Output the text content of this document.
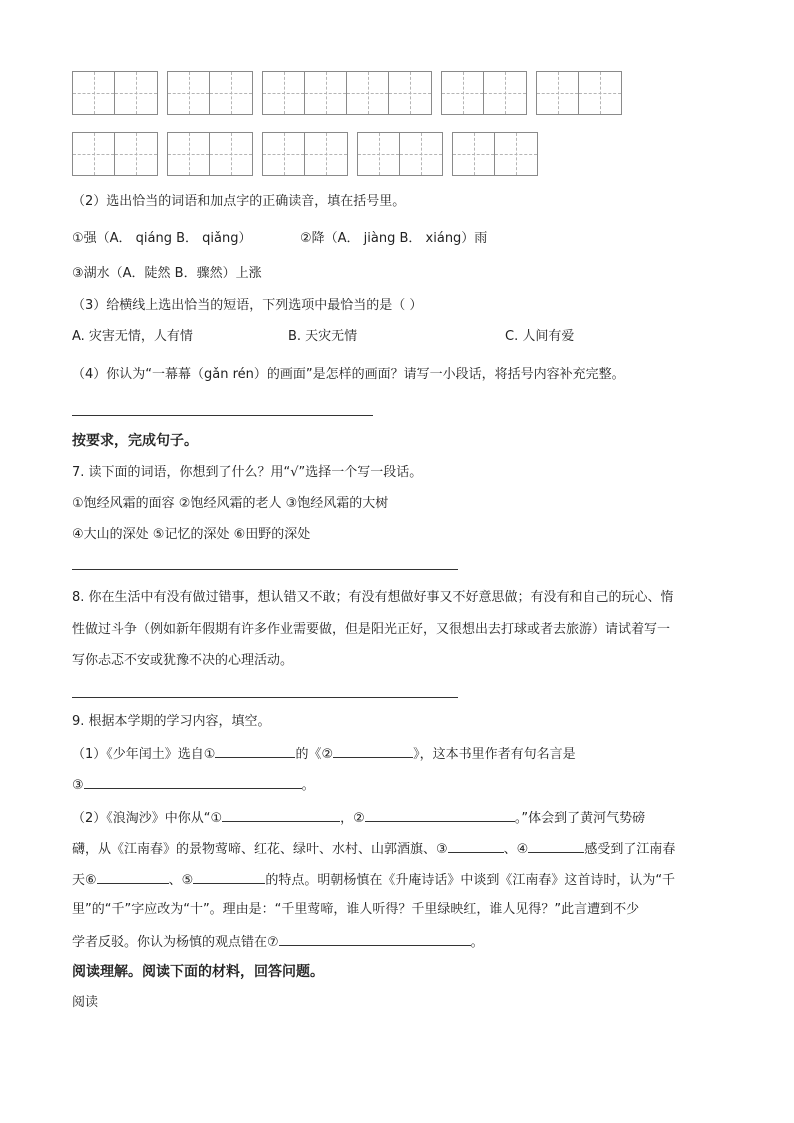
（2）选出恰当的词语和加点字的正确读音，填在括号里。
①强（A． qiáng B． qiǎng）	②降（A． jiàng B． xiáng）雨
③湖水（A．陡然 B．骤然）上涨
（3）给横线上选出恰当的短语，下列选项中最恰当的是（ ）
A. 灾害无情，人有情	B. 天灾无情	C. 人间有爱
（4）你认为“一幕幕（gǎn rén）的画面”是怎样的画面？请写一小段话，将括号内容补充完整。
按要求，完成句子。
7. 读下面的词语，你想到了什么？用“√”选择一个写一段话。
①饱经风霜的面容 ②饱经风霜的老人 ③饱经风霜的大树
④大山的深处 ⑤记忆的深处 ⑥田野的深处
8. 你在生活中有没有做过错事，想认错又不敢；有没有想做好事又不好意思做；有没有和自己的玩心、惰
性做过斗争（例如新年假期有许多作业需要做，但是阳光正好，又很想出去打球或者去旅游）请试着写一
写你忐忑不安或犹豫不决的心理活动。
9. 根据本学期的学习内容，填空。
（1）《少年闰土》选自①	的《②	》，这本书里作者有句名言是
③	。
（2）《浪淘沙》中你从“①	，②	。”体会到了黄河气势磅
礴，从《江南春》的景物莺啼、红花、绿叶、水村、山郭酒旗、③	、④	感受到了江南春
天⑥	、⑤	的特点。明朝杨慎在《升庵诗话》中谈到《江南春》这首诗时，认为“千
里”的“千”字应改为“十”。理由是：“千里莺啼，谁人听得？千里绿映红，谁人见得？”此言遭到不少
学者反驳。你认为杨慎的观点错在⑦	。
阅读理解。阅读下面的材料，回答问题。
阅读
